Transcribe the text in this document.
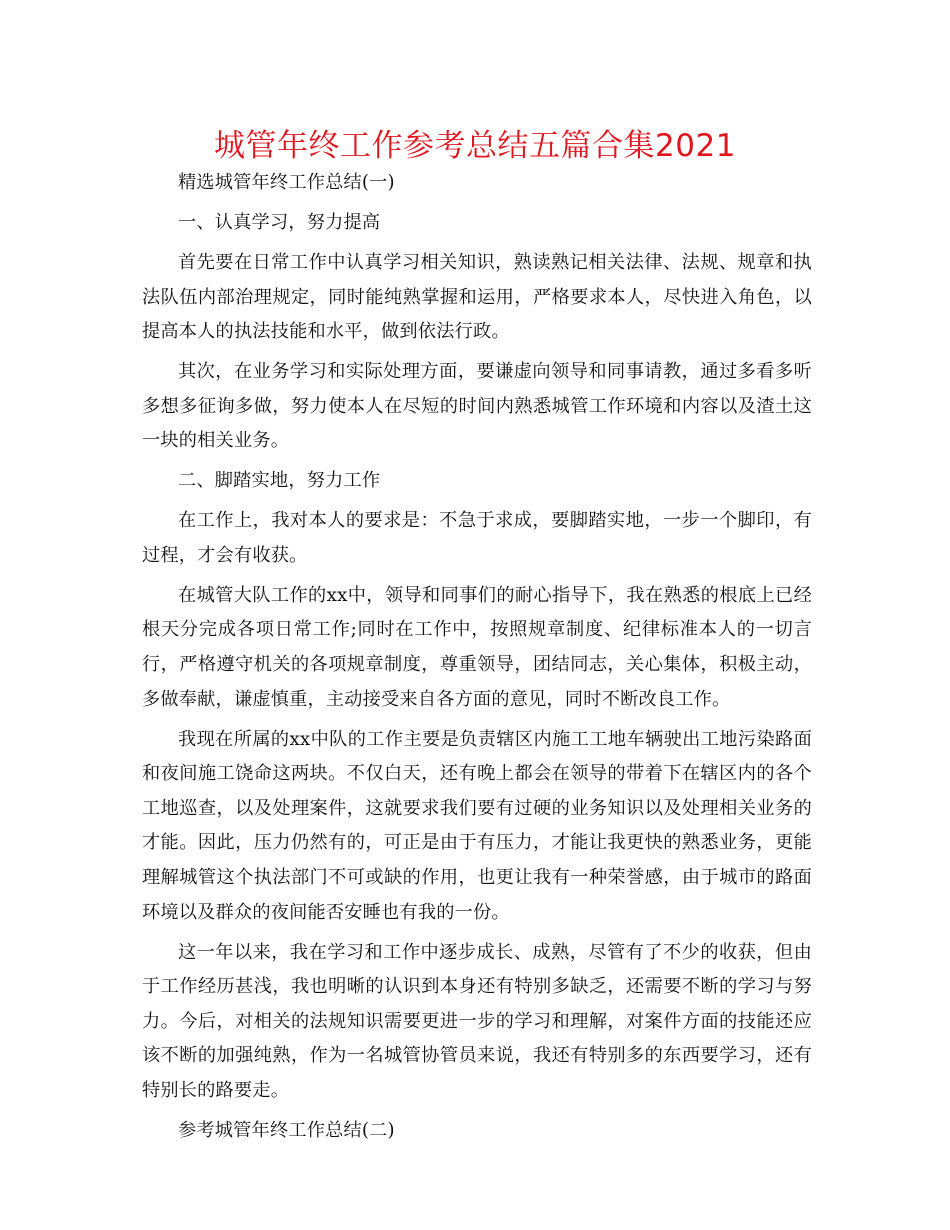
城管年终工作参考总结五篇合集2021

精选城管年终工作总结(一)

一、认真学习，努力提高

首先要在日常工作中认真学习相关知识，熟读熟记相关法律、法规、规章和执法队伍内部治理规定，同时能纯熟掌握和运用，严格要求本人，尽快进入角色，以提高本人的执法技能和水平，做到依法行政。

其次，在业务学习和实际处理方面，要谦虚向领导和同事请教，通过多看多听多想多征询多做，努力使本人在尽短的时间内熟悉城管工作环境和内容以及渣土这一块的相关业务。

二、脚踏实地，努力工作

在工作上，我对本人的要求是：不急于求成，要脚踏实地，一步一个脚印，有过程，才会有收获。

在城管大队工作的xx中，领导和同事们的耐心指导下，我在熟悉的根底上已经根天分完成各项日常工作;同时在工作中，按照规章制度、纪律标准本人的一切言行，严格遵守机关的各项规章制度，尊重领导，团结同志，关心集体，积极主动，多做奉献，谦虚慎重，主动接受来自各方面的意见，同时不断改良工作。

我现在所属的xx中队的工作主要是负责辖区内施工工地车辆驶出工地污染路面和夜间施工饶命这两块。不仅白天，还有晚上都会在领导的带着下在辖区内的各个工地巡查，以及处理案件，这就要求我们要有过硬的业务知识以及处理相关业务的才能。因此，压力仍然有的，可正是由于有压力，才能让我更快的熟悉业务，更能理解城管这个执法部门不可或缺的作用，也更让我有一种荣誉感，由于城市的路面环境以及群众的夜间能否安睡也有我的一份。

这一年以来，我在学习和工作中逐步成长、成熟，尽管有了不少的收获，但由于工作经历甚浅，我也明晰的认识到本身还有特别多缺乏，还需要不断的学习与努力。今后，对相关的法规知识需要更进一步的学习和理解，对案件方面的技能还应该不断的加强纯熟，作为一名城管协管员来说，我还有特别多的东西要学习，还有特别长的路要走。

参考城管年终工作总结(二)
